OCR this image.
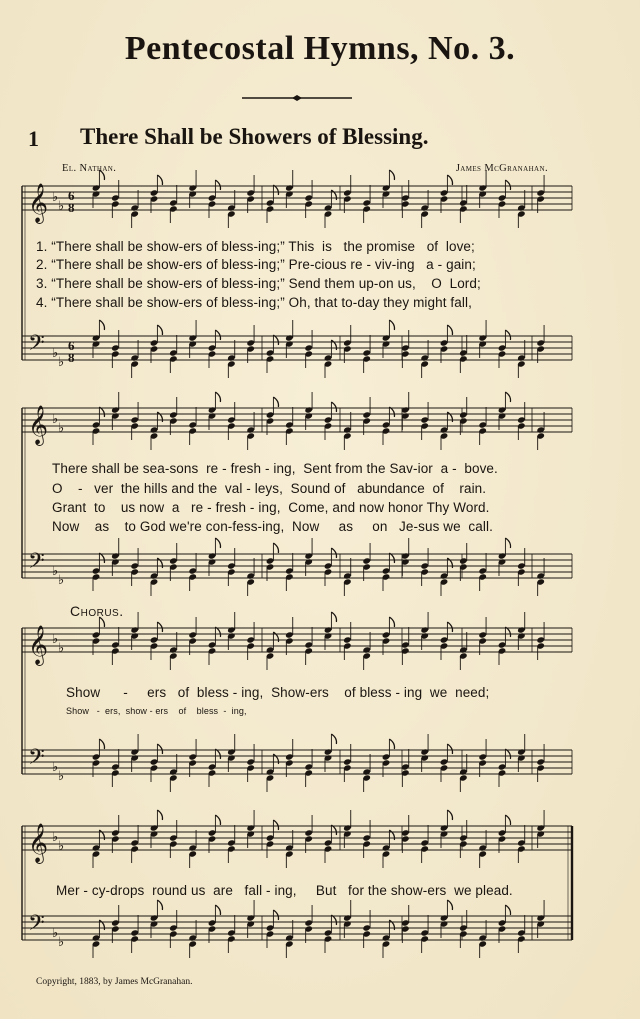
Pentecostal Hymns, No. 3.
1 There Shall be Showers of Blessing.
El. Nathan.	James McGranahan.
𝄞
𝄢
♭
♭
♭
♭
6
8
6
8
𝄞
𝄢
♭
♭
♭
♭
𝄞
𝄢
♭
♭
♭
♭
𝄞
𝄢
♭
♭
♭
♭
1. “There shall be show-ers of bless-ing;” This  is   the promise   of  love;
2. “There shall be show-ers of bless-ing;” Pre-cious re - viv-ing   a - gain;
3. “There shall be show-ers of bless-ing;” Send them up-on us,    O  Lord;
4. “There shall be show-ers of bless-ing;” Oh, that to-day they might fall,
There shall be sea-sons  re - fresh - ing,  Sent from the Sav-ior  a -  bove.
O    -   ver  the hills and the  val - leys,  Sound of   abundance  of    rain.
Grant  to    us now  a   re - fresh - ing,  Come, and now honor Thy Word.
Now    as    to God we're con-fess-ing,  Now     as     on   Je-sus we  call.
Chorus.
Show      -     ers   of  bless - ing,  Show-ers    of bless - ing  we  need;
Show   -  ers,  show - ers    of    bless  -  ing,
Mer - cy-drops  round us  are   fall - ing,     But   for the show-ers  we plead.
Copyright, 1883, by James McGranahan.
